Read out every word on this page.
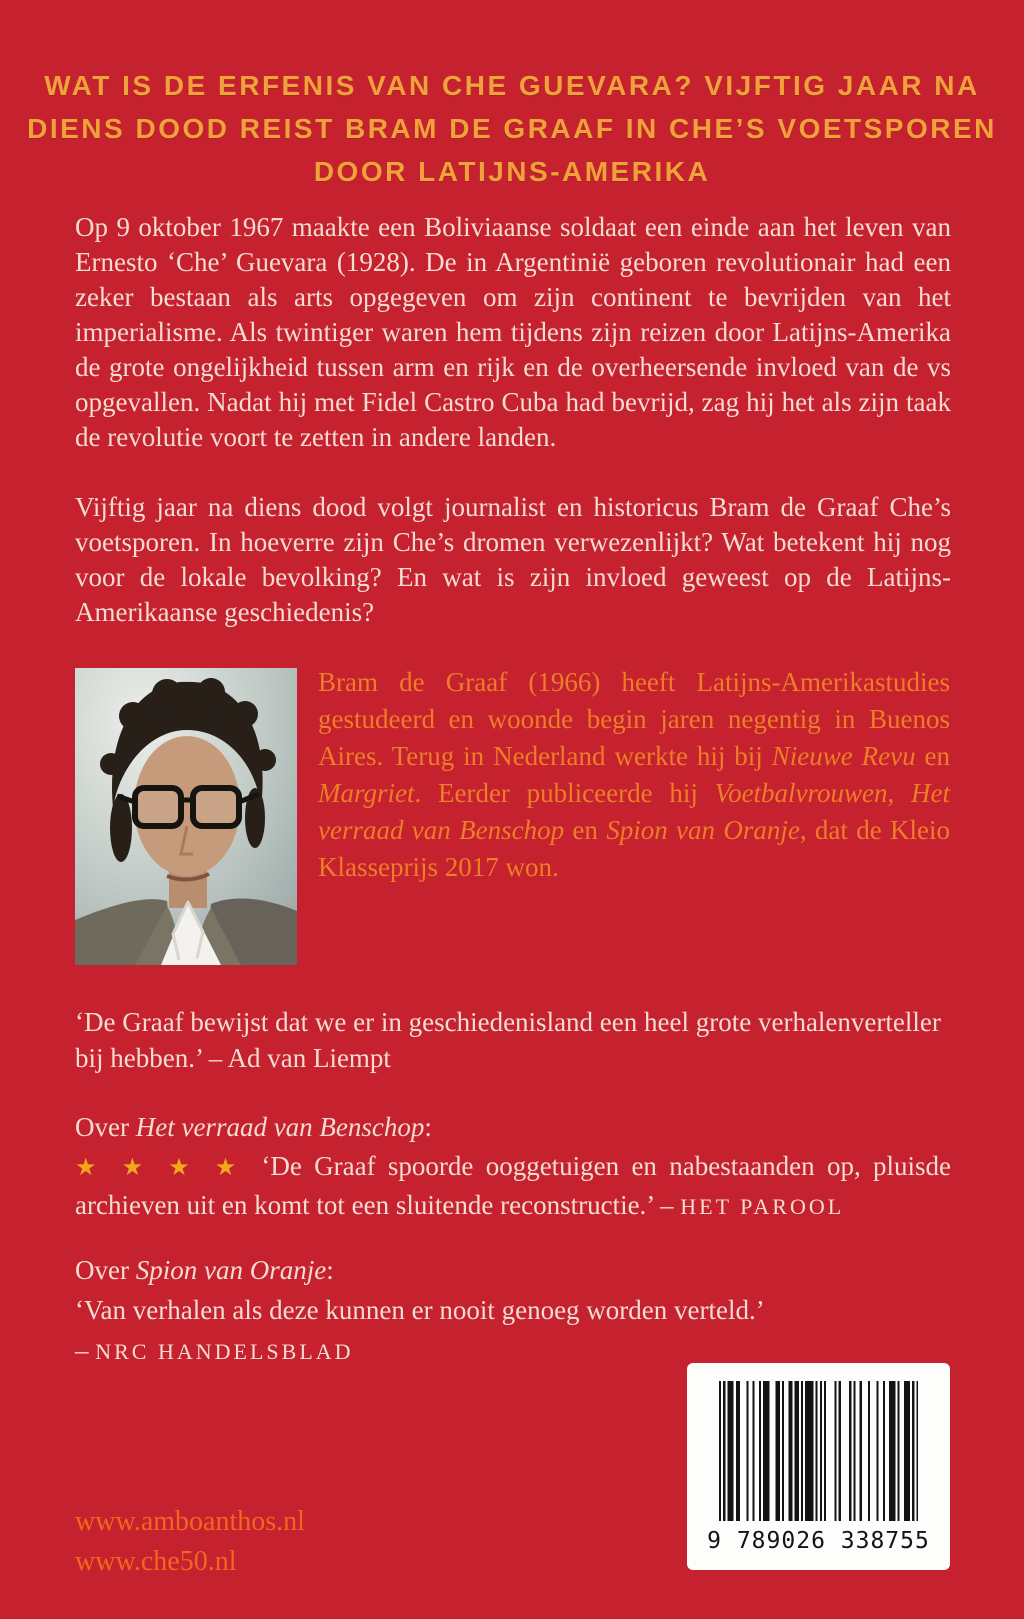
WAT IS DE ERFENIS VAN CHE GUEVARA? VIJFTIG JAAR NA
DIENS DOOD REIST BRAM DE GRAAF IN CHE’S VOETSPOREN
DOOR LATIJNS-AMERIKA

Op 9 oktober 1967 maakte een Boliviaanse soldaat een einde aan het leven van Ernesto ‘Che’ Guevara (1928). De in Argentinië geboren revolutionair had een zeker bestaan als arts opgegeven om zijn continent te bevrijden van het imperialisme. Als twintiger waren hem tijdens zijn reizen door Latijns-Amerika de grote ongelijkheid tussen arm en rijk en de overheersende invloed van de vs opgevallen. Nadat hij met Fidel Castro Cuba had bevrijd, zag hij het als zijn taak de revolutie voort te zetten in andere landen.

Vijftig jaar na diens dood volgt journalist en historicus Bram de Graaf Che’s voetsporen. In hoeverre zijn Che’s dromen verwezenlijkt? Wat betekent hij nog voor de lokale bevolking? En wat is zijn invloed geweest op de Latijns-Amerikaanse geschiedenis?

Bram de Graaf (1966) heeft Latijns-Amerikastudies gestudeerd en woonde begin jaren negentig in Buenos Aires. Terug in Nederland werkte hij bij Nieuwe Revu en Margriet. Eerder publiceerde hij Voetbalvrouwen, Het verraad van Benschop en Spion van Oranje, dat de Kleio Klasseprijs 2017 won.
‘De Graaf bewijst dat we er in geschiedenisland een heel grote verhalenverteller bij hebben.’ – Ad van Liempt
Over Het verraad van Benschop:
★ ★ ★ ★ ‘De Graaf spoorde ooggetuigen en nabestaanden op, pluisde archieven uit en komt tot een sluitende reconstructie.’ – HET PAROOL
Over Spion van Oranje:
‘Van verhalen als deze kunnen er nooit genoeg worden verteld.’
– NRC HANDELSBLAD
www.amboanthos.nl
www.che50.nl
9 789026 338755
